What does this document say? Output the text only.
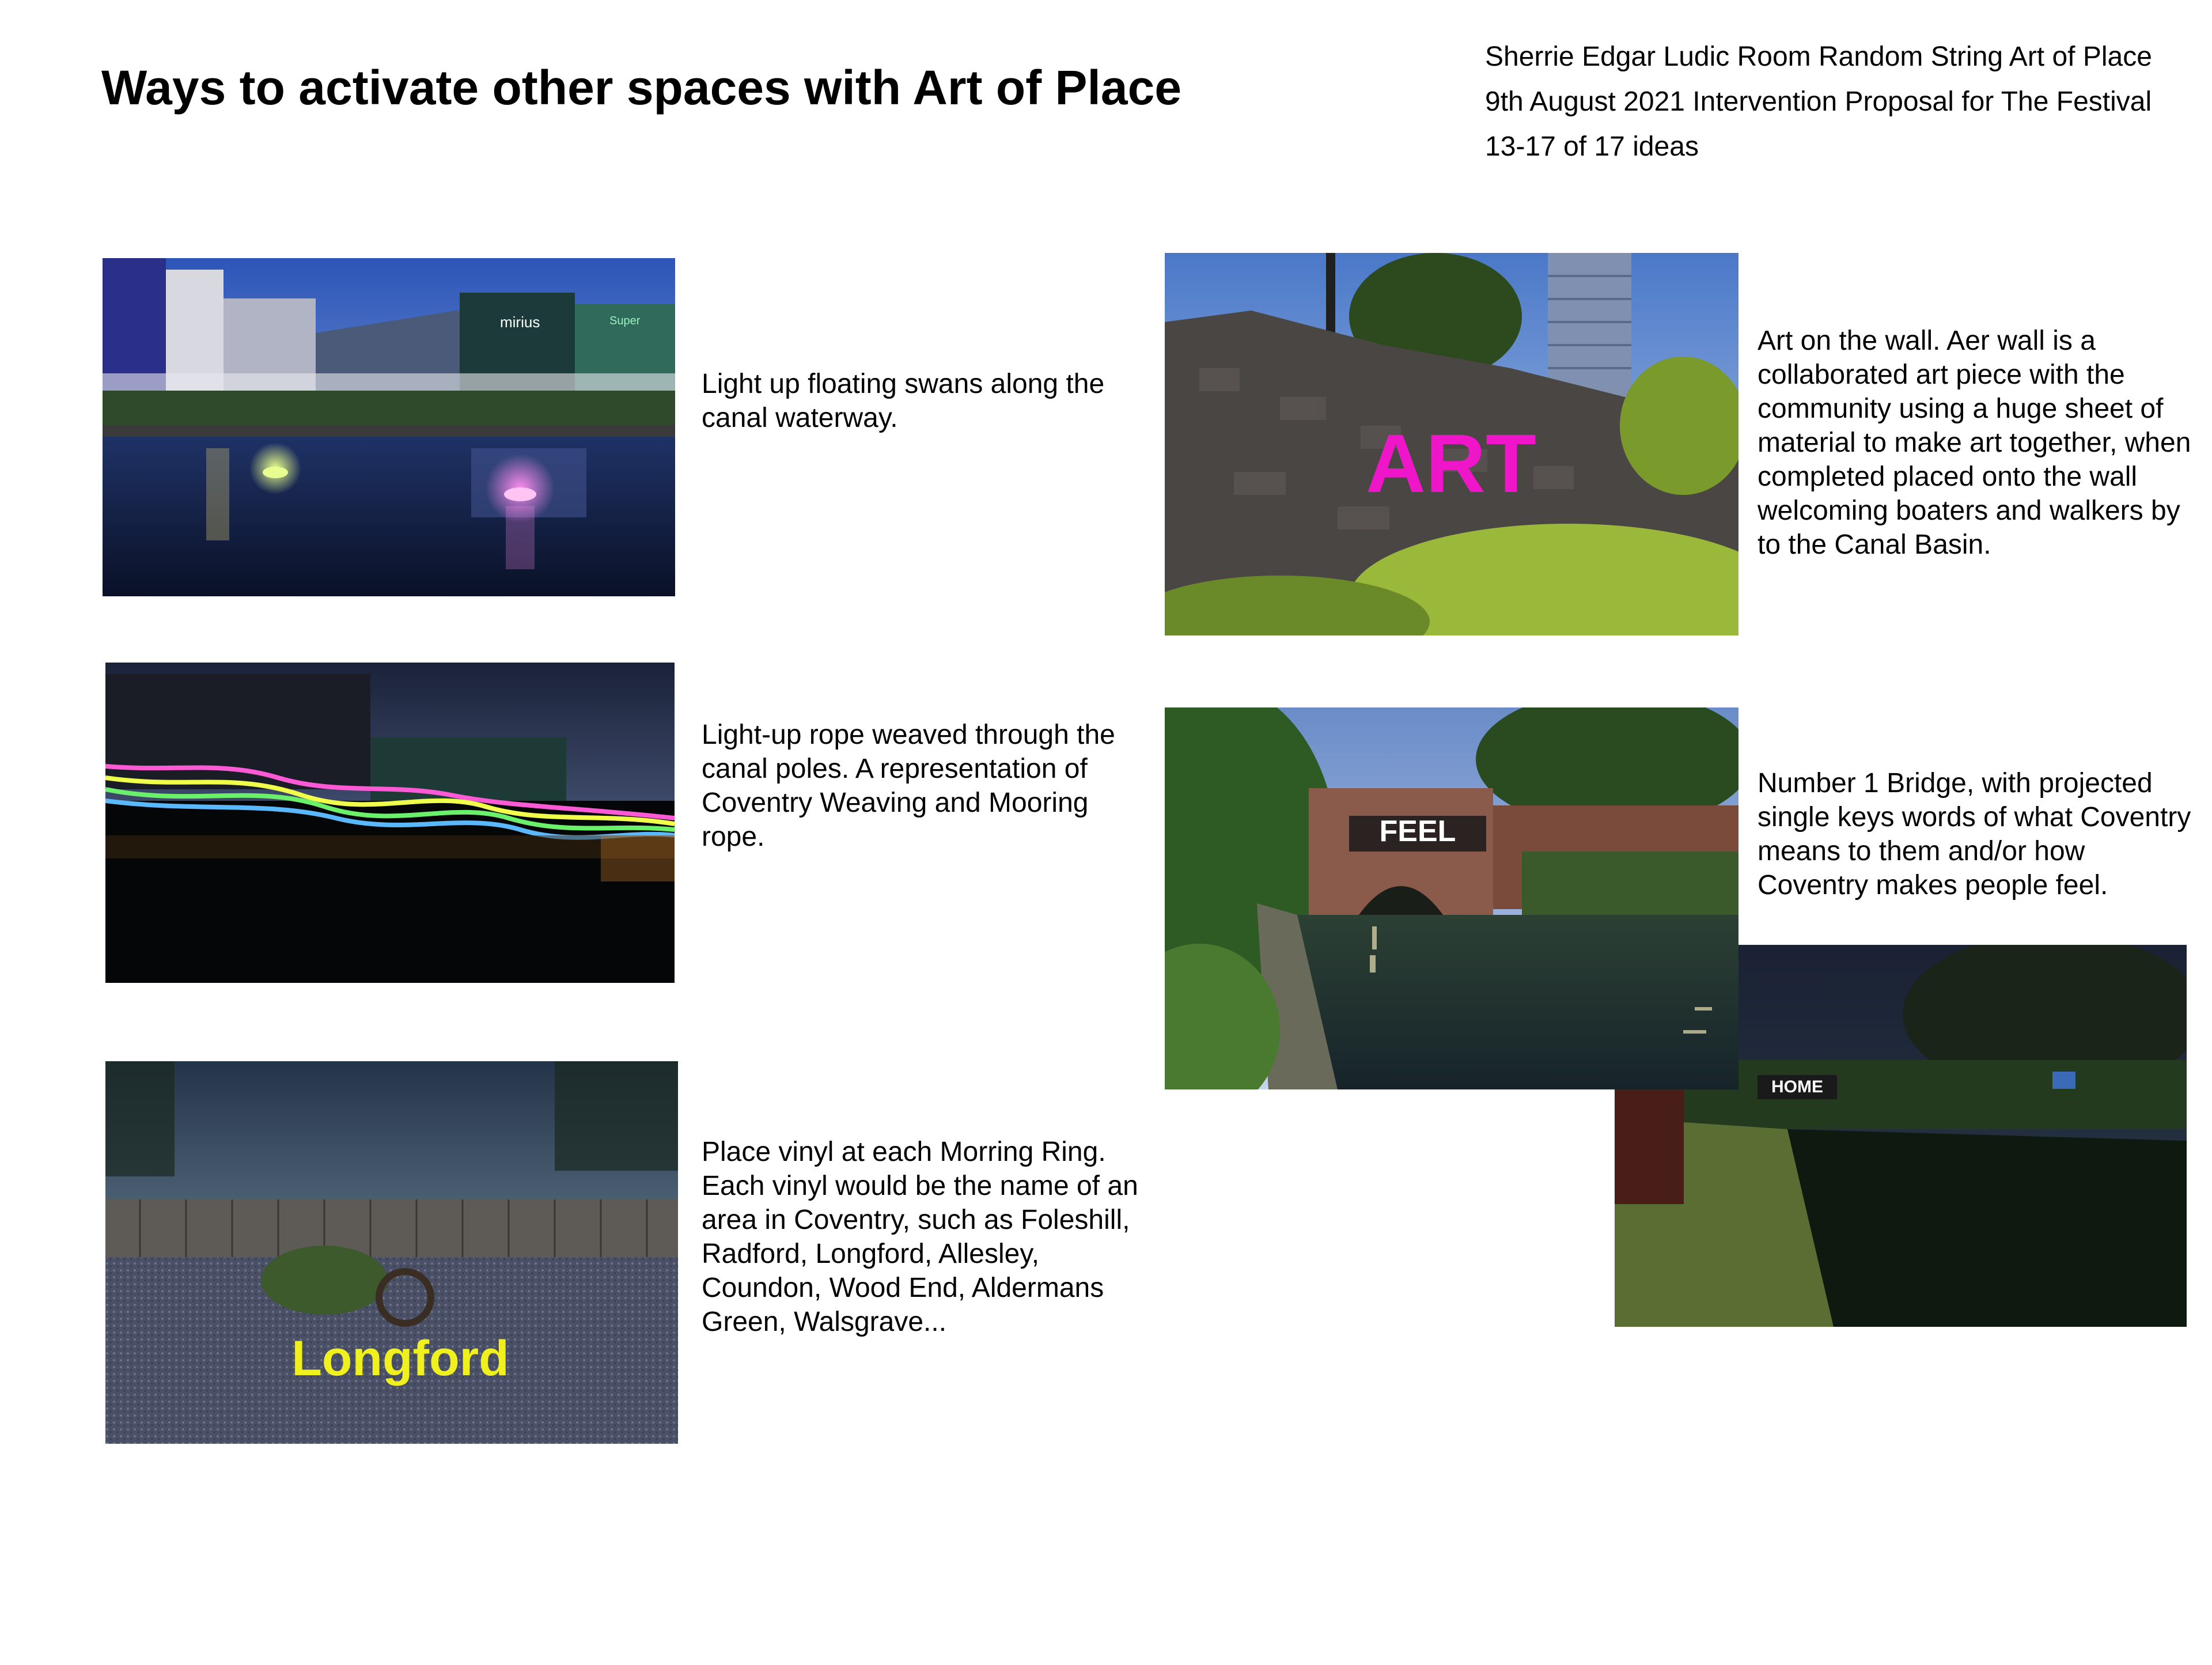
Ways to activate other spaces with Art of Place
Sherrie Edgar Ludic Room Random String Art of Place
9th August 2021 Intervention Proposal for The Festival
13-17 of 17 ideas
mirius	Super
Light up floating swans along the canal waterway.
Light-up rope weaved through the canal poles. A representation of Coventry Weaving and Mooring rope.
Longford
Place vinyl at each Morring Ring. Each vinyl would be the name of an area in Coventry, such as Foleshill, Radford, Longford, Allesley, Coundon, Wood End, Aldermans Green, Walsgrave...
ART
Art on the wall. Aer wall is a collaborated art piece with the community using a huge sheet of material to make art together, when completed placed onto the wall welcoming boaters and walkers by to the Canal Basin.
HOME
FEEL
Number 1 Bridge, with projected single keys words of what Coventry means to them and/or how Coventry makes people feel.
